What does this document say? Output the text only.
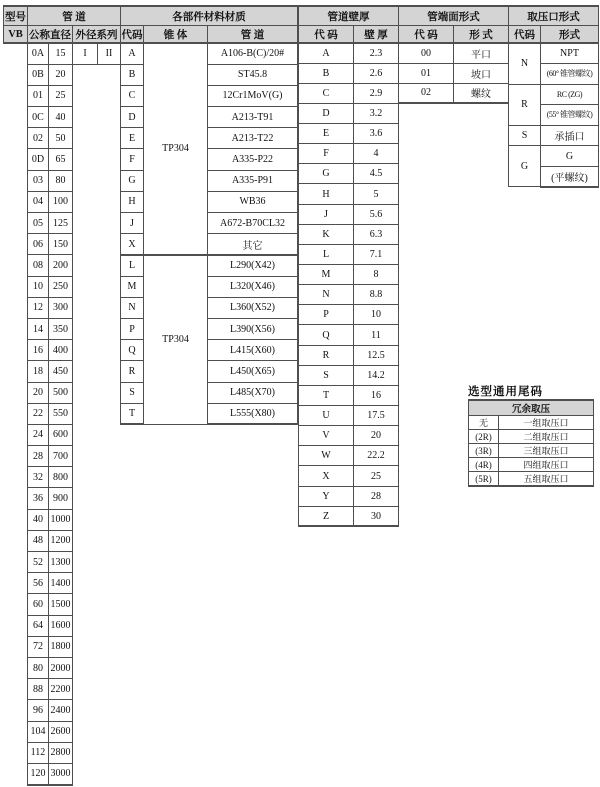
型号
VB
管 道			
公称直径		外径系列	
0A	15	I	II
0B	20		
01	25		
0C	40		
02	50		
0D	65		
03	80		
04	100		
05	125		
06	150		
08	200		
10	250		
12	300		
14	350		
16	400		
18	450		
20	500		
22	550		
24	600		
28	700		
32	800		
36	900		
40	1000		
48	1200		
52	1300		
56	1400		
60	1500		
64	1600		
72	1800		
80	2000		
88	2200		
96	2400		
104	2600		
112	2800		
120	3000		
各部件材料材质		
代码	锥 体	管 道
A	TP304	A106-B(C)/20#
B		ST45.8
C		12Cr1MoV(G)
D		A213-T91
E		A213-T22
F		A335-P22
G		A335-P91
H		WB36
J		A672-B70CL32
X		其它
L	TP304	L290(X42)
M		L320(X46)
N		L360(X52)
P		L390(X56)
Q		L415(X60)
R		L450(X65)
S		L485(X70)
T		L555(X80)
管道壁厚	
代 码	壁 厚
A	2.3
B	2.6
C	2.9
D	3.2
E	3.6
F	4
G	4.5
H	5
J	5.6
K	6.3
L	7.1
M	8
N	8.8
P	10
Q	11
R	12.5
S	14.2
T	16
U	17.5
V	20
W	22.2
X	25
Y	28
Z	30
管端面形式	
代 码	形 式
00	平口
01	坡口
02	螺纹
取压口形式	
代码	形式
N	NPT
	(60° 锥管螺纹)
R	RC (ZG)
	(55° 锥管螺纹)
S	承插口
G	G
	(平螺纹)
选型通用尾码
冗余取压	
无	一组取压口
(2R)	二组取压口
(3R)	三组取压口
(4R)	四组取压口
(5R)	五组取压口
